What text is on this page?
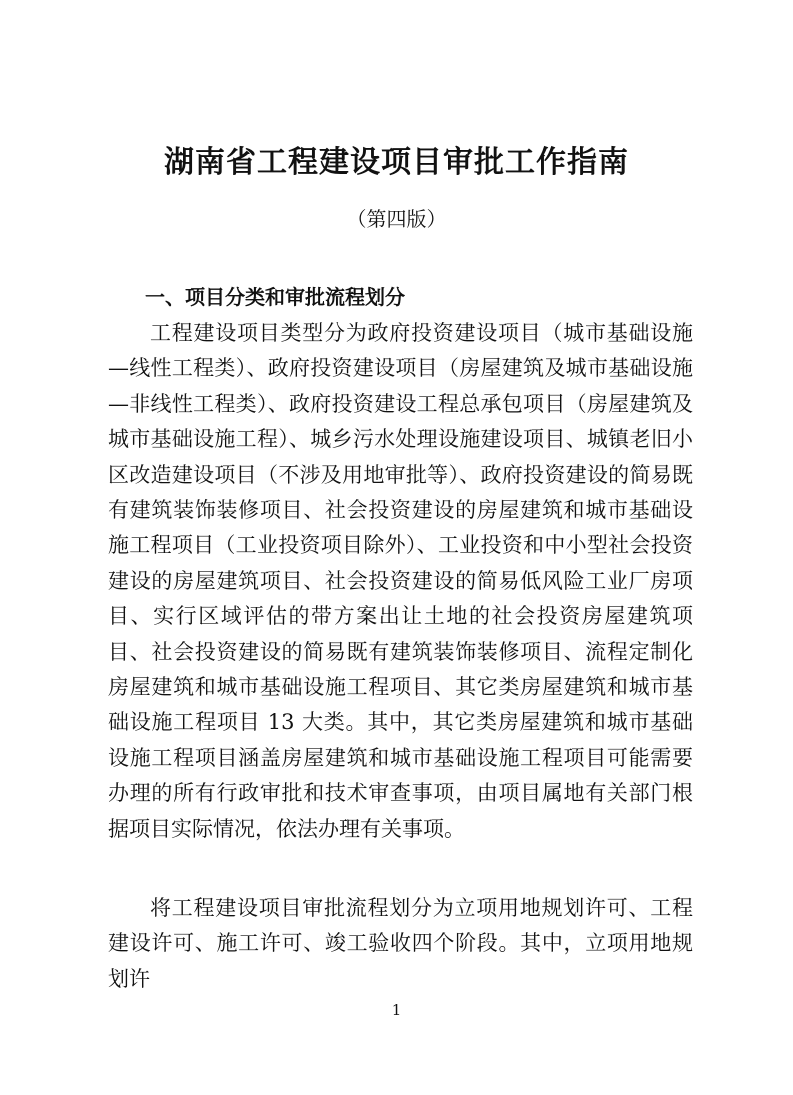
湖南省工程建设项目审批工作指南
（第四版）
一、项目分类和审批流程划分

工程建设项目类型分为政府投资建设项目（城市基础设施—线性工程类）、政府投资建设项目（房屋建筑及城市基础设施—非线性工程类）、政府投资建设工程总承包项目（房屋建筑及城市基础设施工程）、城乡污水处理设施建设项目、城镇老旧小区改造建设项目（不涉及用地审批等）、政府投资建设的简易既有建筑装饰装修项目、社会投资建设的房屋建筑和城市基础设施工程项目（工业投资项目除外）、工业投资和中小型社会投资建设的房屋建筑项目、社会投资建设的简易低风险工业厂房项目、实行区域评估的带方案出让土地的社会投资房屋建筑项目、社会投资建设的简易既有建筑装饰装修项目、流程定制化房屋建筑和城市基础设施工程项目、其它类房屋建筑和城市基础设施工程项目 13 大类。其中，其它类房屋建筑和城市基础设施工程项目涵盖房屋建筑和城市基础设施工程项目可能需要办理的所有行政审批和技术审查事项，由项目属地有关部门根据项目实际情况，依法办理有关事项。

将工程建设项目审批流程划分为立项用地规划许可、工程建设许可、施工许可、竣工验收四个阶段。其中，立项用地规划许

1
